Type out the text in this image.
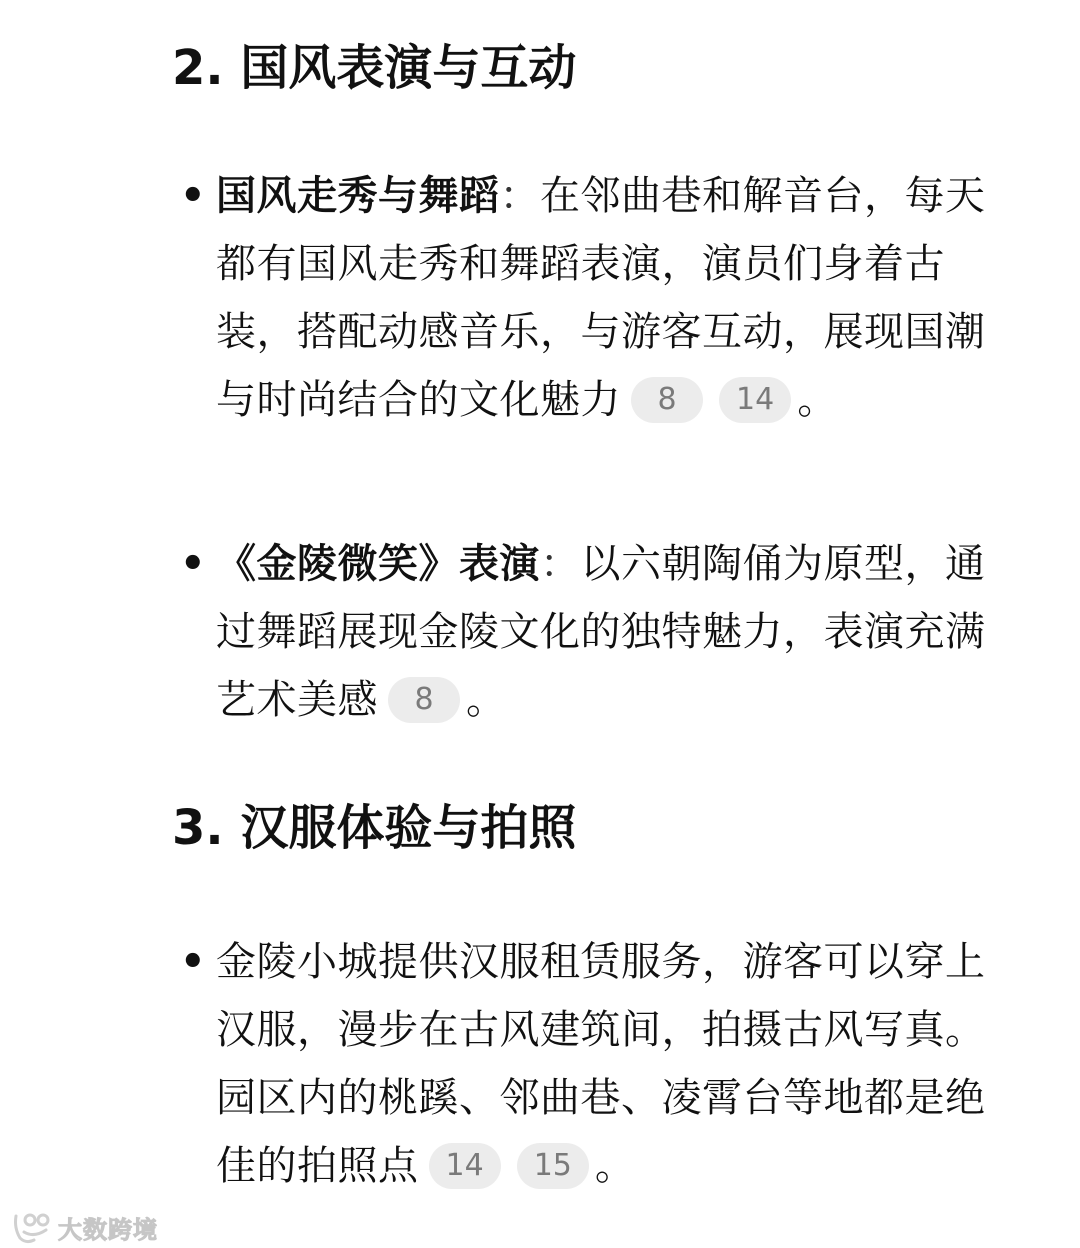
2. 国风表演与互动
• 国风走秀与舞蹈：在邻曲巷和解音台，每天都有国风走秀和舞蹈表演，演员们身着古装，搭配动感音乐，与游客互动，展现国潮与时尚结合的文化魅力 8 14 。
• 《金陵微笑》表演：以六朝陶俑为原型，通过舞蹈展现金陵文化的独特魅力，表演充满艺术美感 8 。
3. 汉服体验与拍照
• 金陵小城提供汉服租赁服务，游客可以穿上汉服，漫步在古风建筑间，拍摄古风写真。园区内的桃蹊、邻曲巷、凌霄台等地都是绝佳的拍照点 14 15 。
大数跨境
